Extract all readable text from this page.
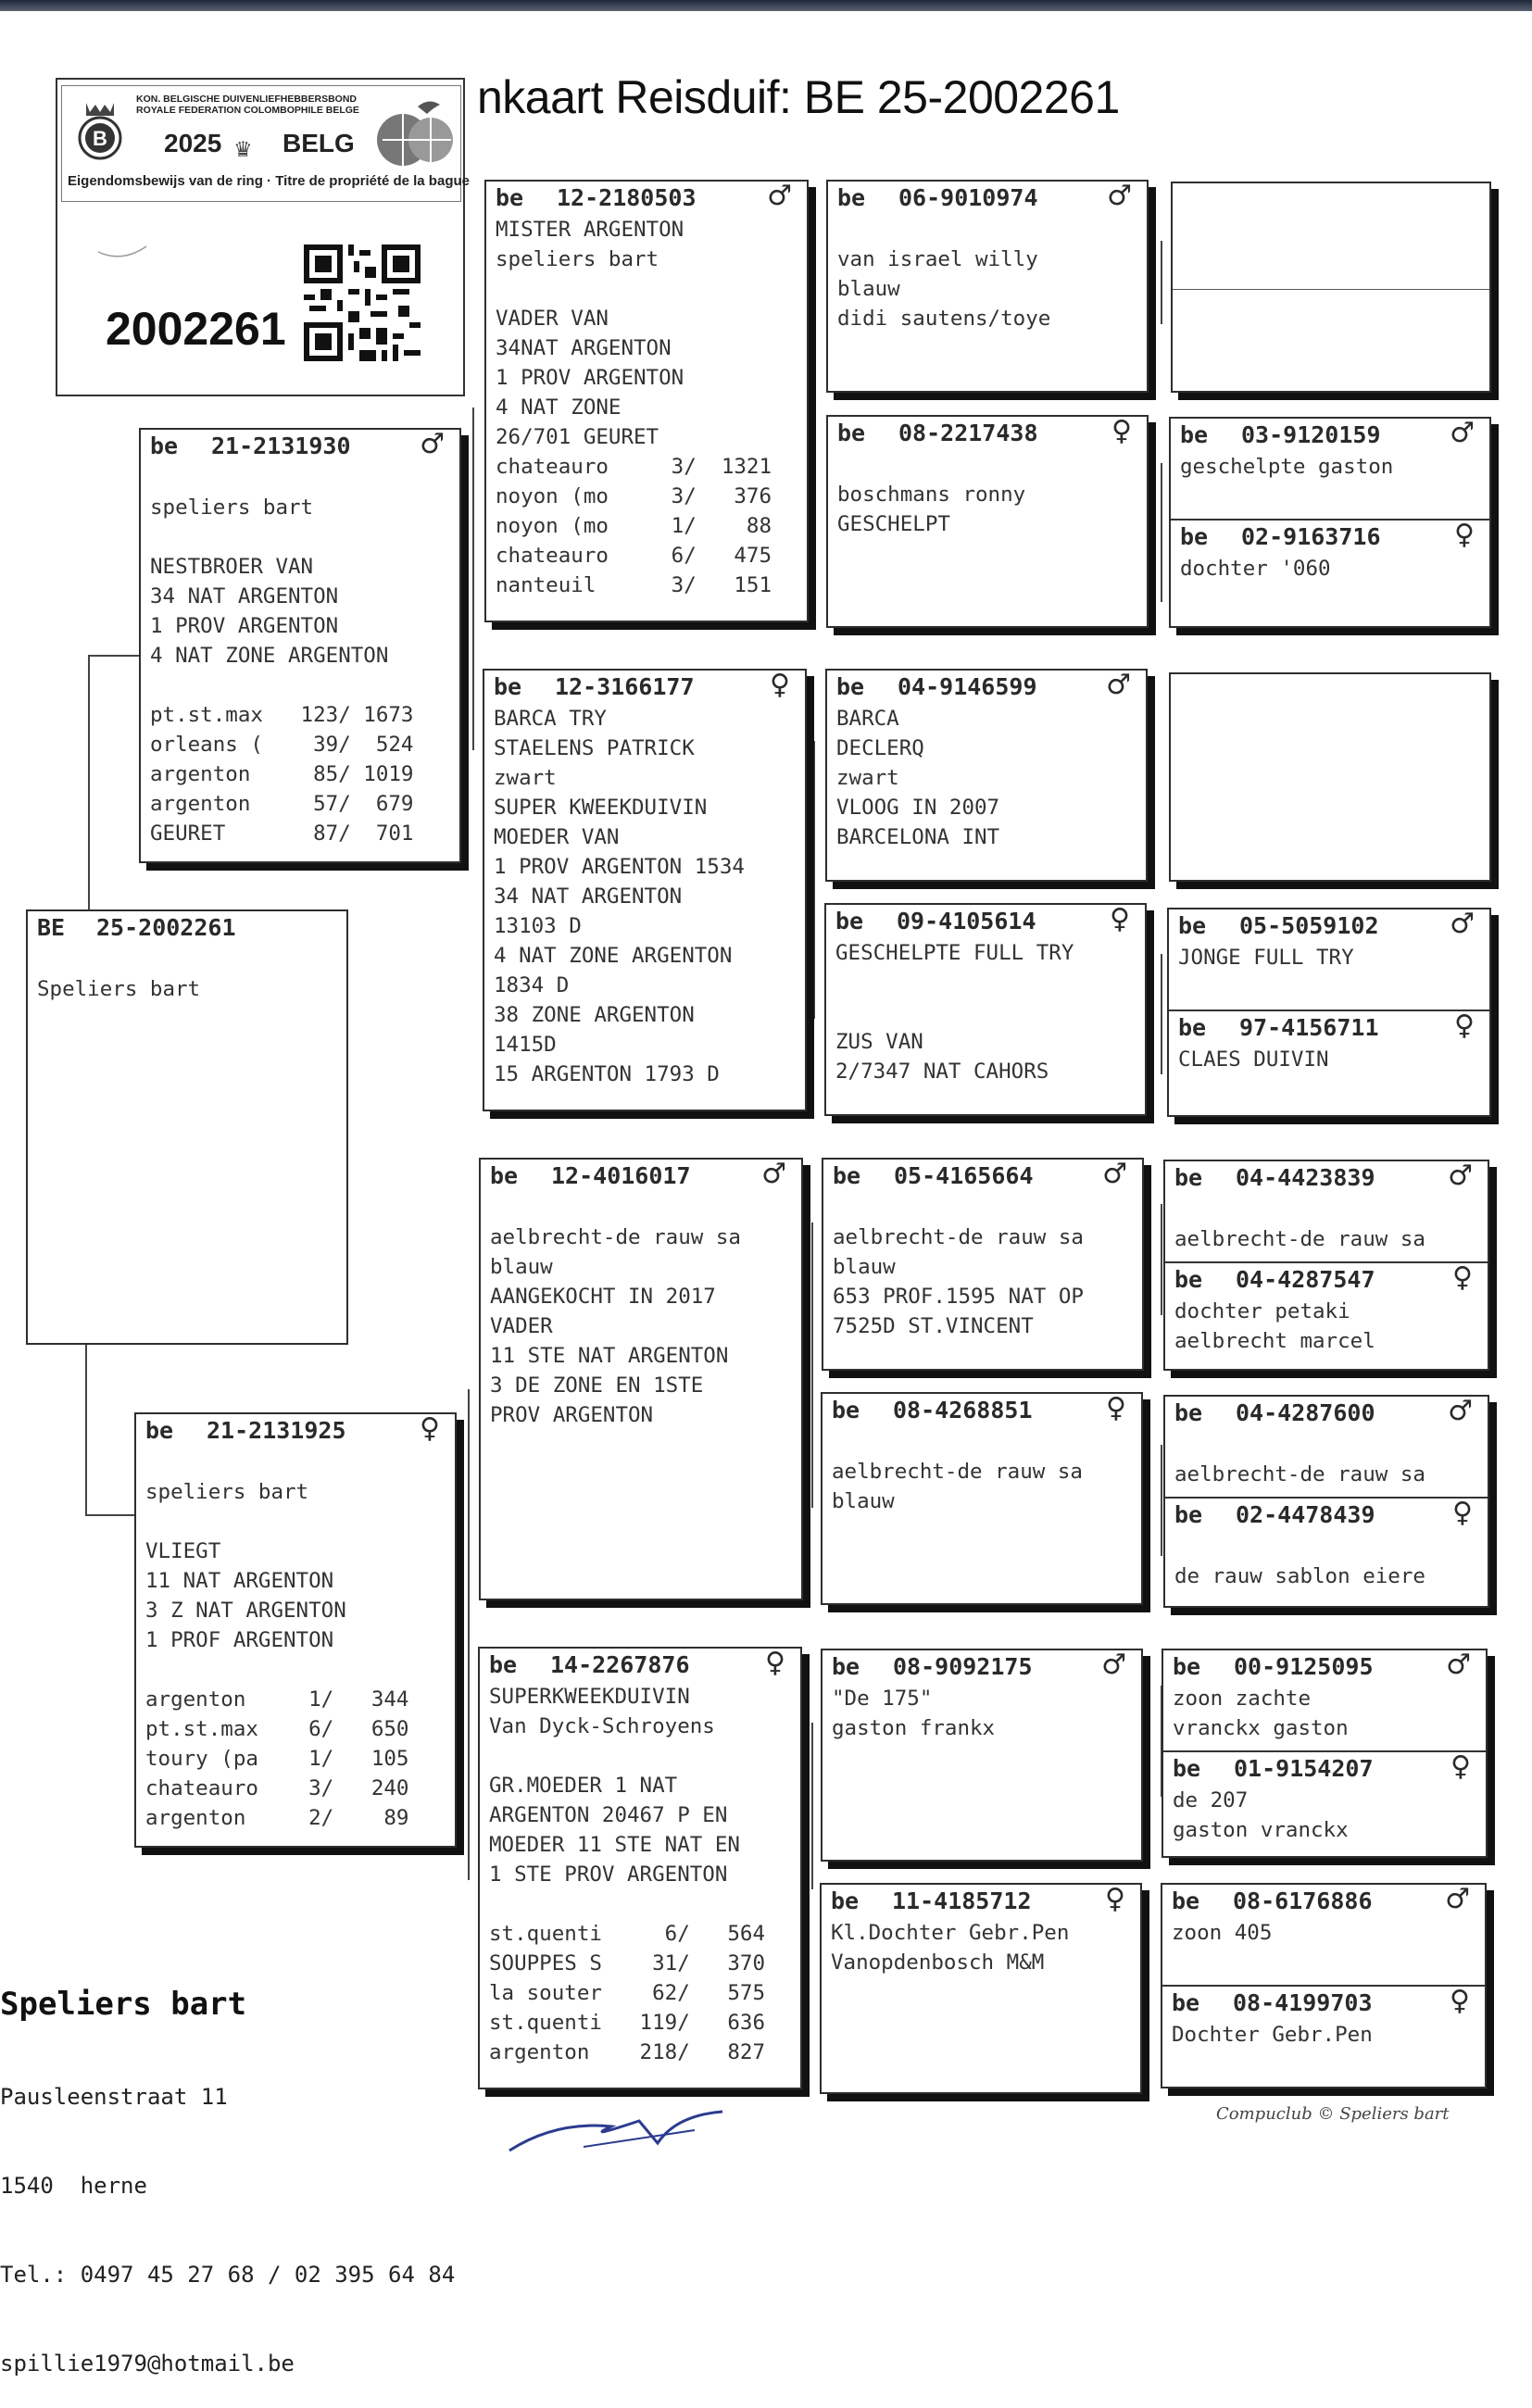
nkaart Reisduif: BE 25-2002261
B
KON. BELGISCHE DUIVENLIEFHEBBERSBOND
ROYALE FEDERATION COLOMBOPHILE BELGE
2025 ♛ BELG
Eigendomsbewijs van de ring · Titre de propriété de la bague
2002261
BE 25-2002261

Speliers bart
be 21-2131930 ♂

speliers bart

NESTBROER VAN
34 NAT ARGENTON
1 PROV ARGENTON
4 NAT ZONE ARGENTON

pt.st.max   123/ 1673
orleans (    39/  524
argenton     85/ 1019
argenton     57/  679
GEURET       87/  701
be 21-2131925	♀

speliers bart

VLIEGT
11 NAT ARGENTON
3 Z NAT ARGENTON
1 PROF ARGENTON

argenton     1/   344
pt.st.max    6/   650
toury (pa    1/   105
chateauro    3/   240
argenton     2/    89
be 12-2180503	♂
MISTER ARGENTON
speliers bart

VADER VAN
34NAT ARGENTON
1 PROV ARGENTON
4 NAT ZONE
26/701 GEURET
chateauro     3/  1321
noyon (mo     3/   376
noyon (mo     1/    88
chateauro     6/   475
nanteuil      3/   151
be 12-3166177	♀
BARCA TRY
STAELENS PATRICK
zwart
SUPER KWEEKDUIVIN
MOEDER VAN
1 PROV ARGENTON 1534
34 NAT ARGENTON
13103 D
4 NAT ZONE ARGENTON
1834 D
38 ZONE ARGENTON
1415D
15 ARGENTON 1793 D
be 12-4016017	♂

aelbrecht-de rauw sa
blauw
AANGEKOCHT IN 2017
VADER
11 STE NAT ARGENTON
3 DE ZONE EN 1STE
PROV ARGENTON
be 14-2267876	♀
SUPERKWEEKDUIVIN
Van Dyck-Schroyens

GR.MOEDER 1 NAT
ARGENTON 20467 P EN
MOEDER 11 STE NAT EN
1 STE PROV ARGENTON

st.quenti     6/   564
SOUPPES S    31/   370
la souter    62/   575
st.quenti   119/   636
argenton    218/   827
be 06-9010974 ♂

van israel willy
blauw
didi sautens/toye
be 08-2217438	♀

boschmans ronny
GESCHELPT
be 04-9146599 ♂
BARCA
DECLERQ
zwart
VLOOG IN 2007
BARCELONA INT
be 09-4105614	♀
GESCHELPTE FULL TRY

ZUS VAN
2/7347 NAT CAHORS
be 05-4165664 ♂

aelbrecht-de rauw sa
blauw
653 PROF.1595 NAT OP
7525D ST.VINCENT
be 08-4268851	♀

aelbrecht-de rauw sa
blauw
be 08-9092175 ♂
"De 175"
gaston frankx
be 11-4185712	♀
Kl.Dochter Gebr.Pen
Vanopdenbosch M&M
be 03-9120159 ♂
geschelpte gaston
be 02-9163716	♀
dochter '060
be 05-5059102	♂
JONGE FULL TRY
be 97-4156711	♀
CLAES DUIVIN
be 04-4423839	♂

aelbrecht-de rauw sa
be 04-4287547	♀
dochter petaki
aelbrecht marcel
be 04-4287600	♂

aelbrecht-de rauw sa
be 02-4478439	♀

de rauw sablon eiere
be 00-9125095	♂
zoon zachte
vranckx gaston
be 01-9154207	♀
de 207
gaston vranckx
be 08-6176886	♂
zoon 405
be 08-4199703	♀
Dochter Gebr.Pen

Speliers bart

Pausleenstraat 11

1540  herne

Tel.: 0497 45 27 68 / 02 395 64 84

spillie1979@hotmail.be

Compuclub © Speliers bart
